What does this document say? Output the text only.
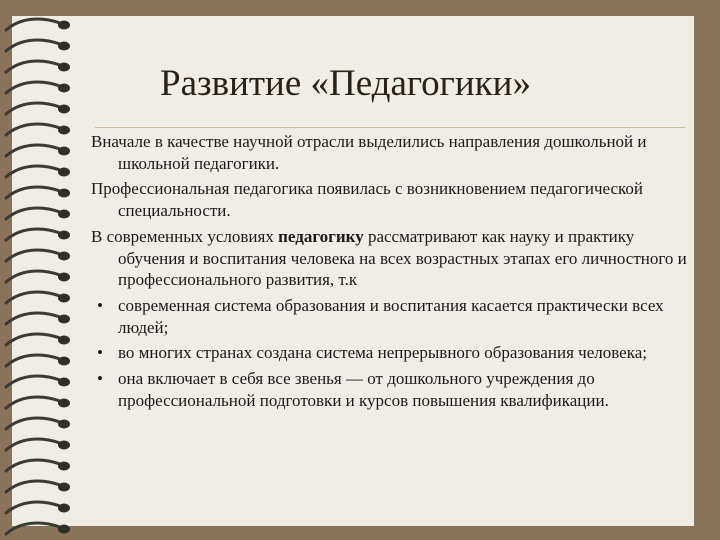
Развитие «Педагогики»

Вначале в качестве научной отрасли выделились направления дошкольной и школьной педагогики.

Профессиональная педагогика появилась с возникновением педагогической специальности.

В современных условиях педагогику рассматривают как науку и практику обучения и воспитания человека на всех возрастных этапах его личностного и профессионального развития, т.к

• современная система образования и воспитания касается практически всех людей;

• во многих странах создана система непрерывного образования человека;

• она включает в себя все звенья — от дошкольного учреждения до профессиональной подготовки и курсов повышения квалификации.
